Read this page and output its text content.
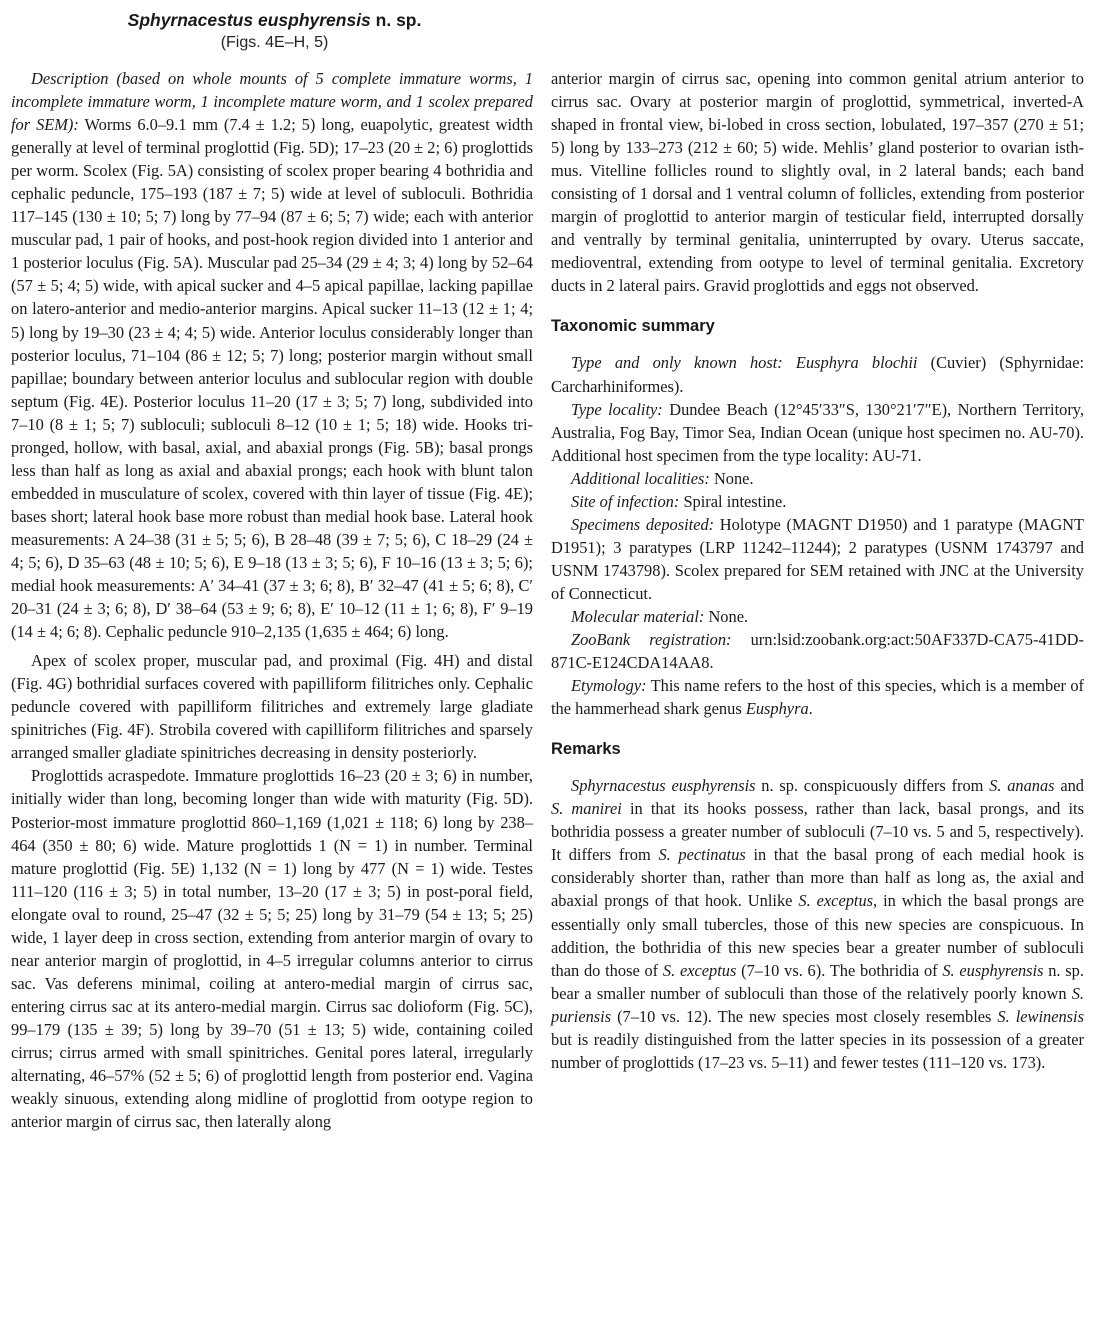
Sphyrnacestus eusphyrensis n. sp.
(Figs. 4E–H, 5)

Description (based on whole mounts of 5 complete immature worms, 1 incomplete immature worm, 1 incomplete mature worm, and 1 scolex prepared for SEM): Worms 6.0–9.1 mm (7.4 ± 1.2; 5) long, euapolytic, greatest width generally at level of terminal proglottid (Fig. 5D); 17–23 (20 ± 2; 6) proglottids per worm. Scolex (Fig. 5A) consisting of scolex proper bearing 4 bothridia and cephalic peduncle, 175–193 (187 ± 7; 5) wide at level of subloculi. Bothridia 117–145 (130 ± 10; 5; 7) long by 77–94 (87 ± 6; 5; 7) wide; each with anterior muscular pad, 1 pair of hooks, and post-hook region divided into 1 anterior and 1 posterior loculus (Fig. 5A). Muscular pad 25–34 (29 ± 4; 3; 4) long by 52–64 (57 ± 5; 4; 5) wide, with apical sucker and 4–5 apical papillae, lacking papillae on latero-anterior and medio-anterior margins. Apical sucker 11–13 (12 ± 1; 4; 5) long by 19–30 (23 ± 4; 4; 5) wide. Anterior loculus considerably longer than posterior loculus, 71–104 (86 ± 12; 5; 7) long; posterior margin without small papillae; boundary between anterior loculus and sublocular region with double septum (Fig. 4E). Posterior loculus 11–20 (17 ± 3; 5; 7) long, subdivided into 7–10 (8 ± 1; 5; 7) subloculi; subloculi 8–12 (10 ± 1; 5; 18) wide. Hooks tri-pronged, hollow, with basal, axial, and abaxial prongs (Fig. 5B); basal prongs less than half as long as axial and abaxial prongs; each hook with blunt talon embedded in musculature of scolex, covered with thin layer of tissue (Fig. 4E); bases short; lateral hook base more robust than medial hook base. Lateral hook measurements: A 24–38 (31 ± 5; 5; 6), B 28–48 (39 ± 7; 5; 6), C 18–29 (24 ± 4; 5; 6), D 35–63 (48 ± 10; 5; 6), E 9–18 (13 ± 3; 5; 6), F 10–16 (13 ± 3; 5; 6); medial hook measurements: A′ 34–41 (37 ± 3; 6; 8), B′ 32–47 (41 ± 5; 6; 8), C′ 20–31 (24 ± 3; 6; 8), D′ 38–64 (53 ± 9; 6; 8), E′ 10–12 (11 ± 1; 6; 8), F′ 9–19 (14 ± 4; 6; 8). Cephalic peduncle 910–2,135 (1,635 ± 464; 6) long.

Apex of scolex proper, muscular pad, and proximal (Fig. 4H) and distal (Fig. 4G) bothridial surfaces covered with papilliform filitriches only. Cephalic peduncle covered with papilliform filitriches and extremely large gladiate spinitriches (Fig. 4F). Strobila covered with capilliform filitriches and sparsely arranged smaller gladiate spinitriches decreasing in density posteriorly.

Proglottids acraspedote. Immature proglottids 16–23 (20 ± 3; 6) in number, initially wider than long, becoming longer than wide with maturity (Fig. 5D). Posterior-most immature proglottid 860–1,169 (1,021 ± 118; 6) long by 238–464 (350 ± 80; 6) wide. Mature proglottids 1 (N = 1) in number. Terminal mature proglottid (Fig. 5E) 1,132 (N = 1) long by 477 (N = 1) wide. Testes 111–120 (116 ± 3; 5) in total number, 13–20 (17 ± 3; 5) in post-poral field, elongate oval to round, 25–47 (32 ± 5; 5; 25) long by 31–79 (54 ± 13; 5; 25) wide, 1 layer deep in cross section, extending from anterior margin of ovary to near anterior margin of proglottid, in 4–5 irregular columns anterior to cirrus sac. Vas deferens minimal, coiling at antero-medial margin of cirrus sac, entering cirrus sac at its antero-medial margin. Cirrus sac dolioform (Fig. 5C), 99–179 (135 ± 39; 5) long by 39–70 (51 ± 13; 5) wide, containing coiled cirrus; cirrus armed with small spinitriches. Genital pores lateral, irregularly alternating, 46–57% (52 ± 5; 6) of proglottid length from posterior end. Vagina weakly sinuous, extending along midline of proglottid from ootype region to anterior margin of cirrus sac, then laterally along

anterior margin of cirrus sac, opening into common genital atrium anterior to cirrus sac. Ovary at posterior margin of proglottid, symmetrical, inverted-A shaped in frontal view, bi-lobed in cross section, lobulated, 197–357 (270 ± 51; 5) long by 133–273 (212 ± 60; 5) wide. Mehlis’ gland posterior to ovarian isthmus. Vitelline follicles round to slightly oval, in 2 lateral bands; each band consisting of 1 dorsal and 1 ventral column of follicles, extending from posterior margin of proglottid to anterior margin of testicular field, interrupted dorsally and ventrally by terminal genitalia, uninterrupted by ovary. Uterus saccate, medioventral, extending from ootype to level of terminal genitalia. Excretory ducts in 2 lateral pairs. Gravid proglottids and eggs not observed.

Taxonomic summary

Type and only known host: Eusphyra blochii (Cuvier) (Sphyrnidae: Carcharhiniformes).

Type locality: Dundee Beach (12°45′33″S, 130°21′7″E), Northern Territory, Australia, Fog Bay, Timor Sea, Indian Ocean (unique host specimen no. AU-70). Additional host specimen from the type locality: AU-71.

Additional localities: None.

Site of infection: Spiral intestine.

Specimens deposited: Holotype (MAGNT D1950) and 1 paratype (MAGNT D1951); 3 paratypes (LRP 11242–11244); 2 paratypes (USNM 1743797 and USNM 1743798). Scolex prepared for SEM retained with JNC at the University of Connecticut.

Molecular material: None.

ZooBank registration: urn:lsid:zoobank.org:act:50AF337D-CA75-41DD-871C-E124CDA14AA8.

Etymology: This name refers to the host of this species, which is a member of the hammerhead shark genus Eusphyra.

Remarks

Sphyrnacestus eusphyrensis n. sp. conspicuously differs from S. ananas and S. manirei in that its hooks possess, rather than lack, basal prongs, and its bothridia possess a greater number of subloculi (7–10 vs. 5 and 5, respectively). It differs from S. pectinatus in that the basal prong of each medial hook is considerably shorter than, rather than more than half as long as, the axial and abaxial prongs of that hook. Unlike S. exceptus, in which the basal prongs are essentially only small tubercles, those of this new species are conspicuous. In addition, the bothridia of this new species bear a greater number of subloculi than do those of S. exceptus (7–10 vs. 6). The bothridia of S. eusphyrensis n. sp. bear a smaller number of subloculi than those of the relatively poorly known S. puriensis (7–10 vs. 12). The new species most closely resembles S. lewinensis but is readily distinguished from the latter species in its possession of a greater number of proglottids (17–23 vs. 5–11) and fewer testes (111–120 vs. 173).
